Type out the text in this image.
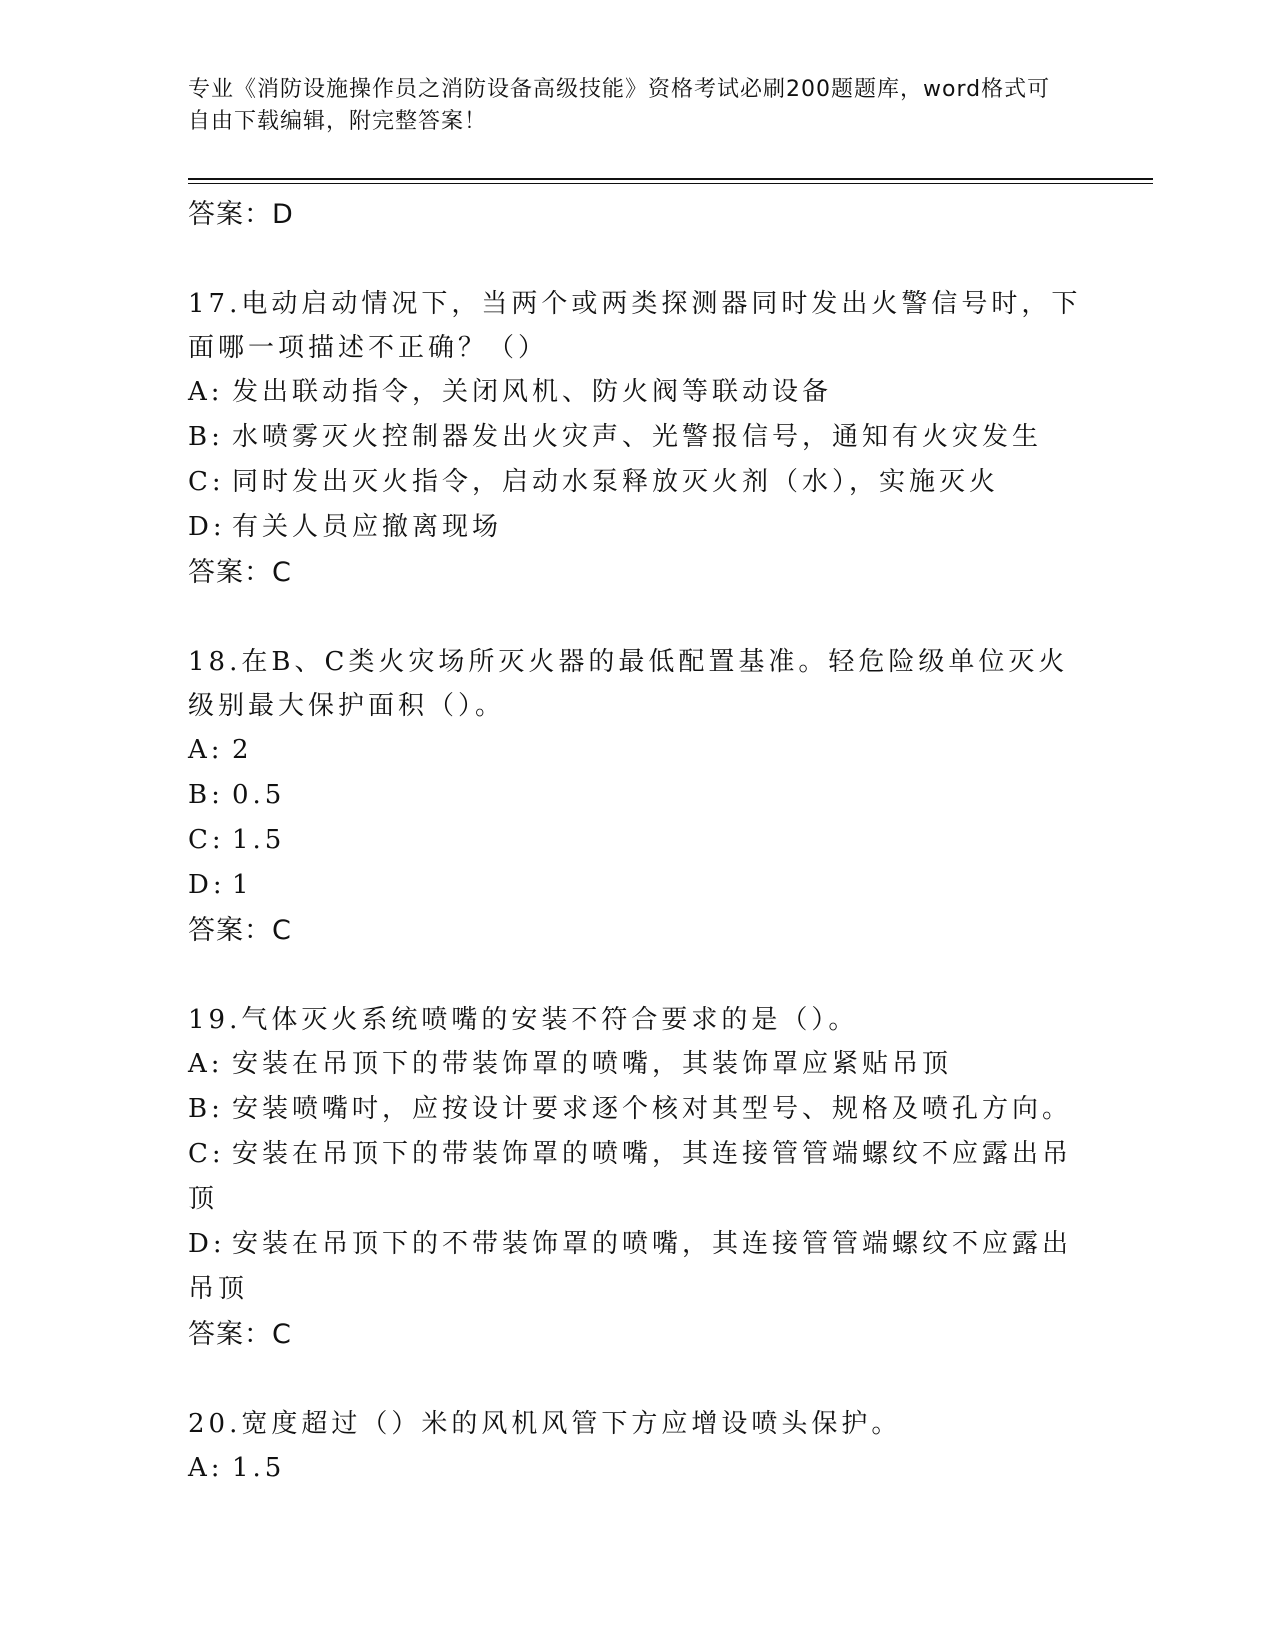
专业《消防设施操作员之消防设备高级技能》资格考试必刷200题题库，word格式可自由下载编辑，附完整答案！
答案：D
17.电动启动情况下，当两个或两类探测器同时发出火警信号时，下面哪一项描述不正确？（）
A: 发出联动指令，关闭风机、防火阀等联动设备
B: 水喷雾灭火控制器发出火灾声、光警报信号，通知有火灾发生
C: 同时发出灭火指令，启动水泵释放灭火剂（水），实施灭火
D: 有关人员应撤离现场
答案：C
18.在B、C类火灾场所灭火器的最低配置基准。轻危险级单位灭火级别最大保护面积（）。
A: 2
B: 0.5
C: 1.5
D: 1
答案：C
19.气体灭火系统喷嘴的安装不符合要求的是（）。
A: 安装在吊顶下的带装饰罩的喷嘴，其装饰罩应紧贴吊顶
B: 安装喷嘴吋，应按设计要求逐个核对其型号、规格及喷孔方向。
C: 安装在吊顶下的带装饰罩的喷嘴，其连接管管端螺纹不应露出吊顶
D: 安装在吊顶下的不带装饰罩的喷嘴，其连接管管端螺纹不应露出吊顶
答案：C
20.宽度超过（）米的风机风管下方应增设喷头保护。
A: 1.5
